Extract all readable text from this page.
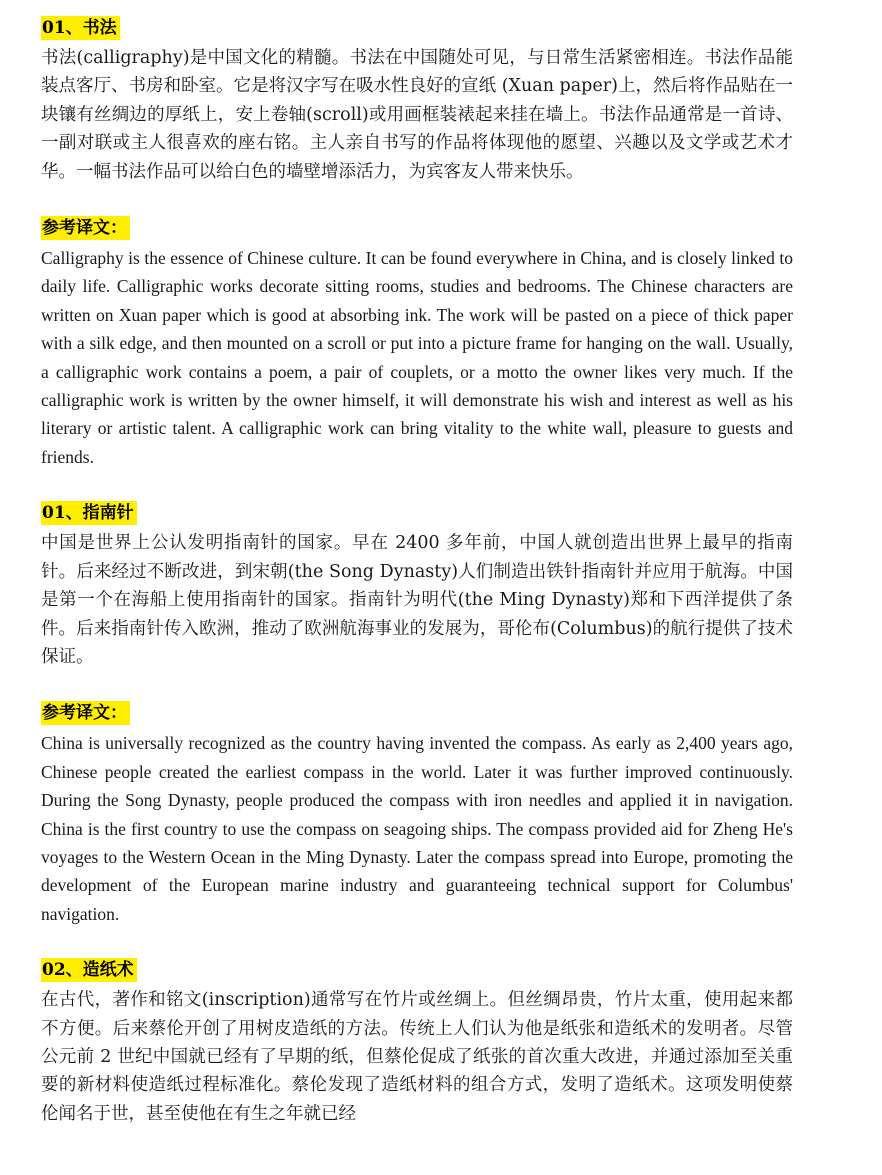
01、书法

书法(calligraphy)是中国文化的精髓。书法在中国随处可见，与日常生活紧密相连。书法作品能装点客厅、书房和卧室。它是将汉字写在吸水性良好的宣纸 (Xuan paper)上，然后将作品贴在一块镶有丝绸边的厚纸上，安上卷轴(scroll)或用画框装裱起来挂在墙上。书法作品通常是一首诗、一副对联或主人很喜欢的座右铭。主人亲自书写的作品将体现他的愿望、兴趣以及文学或艺术才华。一幅书法作品可以给白色的墙壁增添活力，为宾客友人带来快乐。

参考译文：

Calligraphy is the essence of Chinese culture. It can be found everywhere in China, and is closely linked to daily life. Calligraphic works decorate sitting rooms, studies and bedrooms. The Chinese characters are written on Xuan paper which is good at absorbing ink. The work will be pasted on a piece of thick paper with a silk edge, and then mounted on a scroll or put into a picture frame for hanging on the wall. Usually, a calligraphic work contains a poem, a pair of couplets, or a motto the owner likes very much. If the calligraphic work is written by the owner himself, it will demonstrate his wish and interest as well as his literary or artistic talent. A calligraphic work can bring vitality to the white wall, pleasure to guests and friends.

01、指南针

中国是世界上公认发明指南针的国家。早在 2400 多年前，中国人就创造出世界上最早的指南针。后来经过不断改进，到宋朝(the Song Dynasty)人们制造出铁针指南针并应用于航海。中国是第一个在海船上使用指南针的国家。指南针为明代(the Ming Dynasty)郑和下西洋提供了条件。后来指南针传入欧洲，推动了欧洲航海事业的发展为，哥伦布(Columbus)的航行提供了技术保证。

参考译文：

China is universally recognized as the country having invented the compass. As early as 2,400 years ago, Chinese people created the earliest compass in the world. Later it was further improved continuously. During the Song Dynasty, people produced the compass with iron needles and applied it in navigation. China is the first country to use the compass on seagoing ships. The compass provided aid for Zheng He's voyages to the Western Ocean in the Ming Dynasty. Later the compass spread into Europe, promoting the development of the European marine industry and guaranteeing technical support for Columbus' navigation.

02、造纸术

在古代，著作和铭文(inscription)通常写在竹片或丝绸上。但丝绸昂贵，竹片太重，使用起来都不方便。后来蔡伦开创了用树皮造纸的方法。传统上人们认为他是纸张和造纸术的发明者。尽管公元前 2 世纪中国就已经有了早期的纸，但蔡伦促成了纸张的首次重大改进，并通过添加至关重要的新材料使造纸过程标准化。蔡伦发现了造纸材料的组合方式，发明了造纸术。这项发明使蔡伦闻名于世，甚至使他在有生之年就已经
